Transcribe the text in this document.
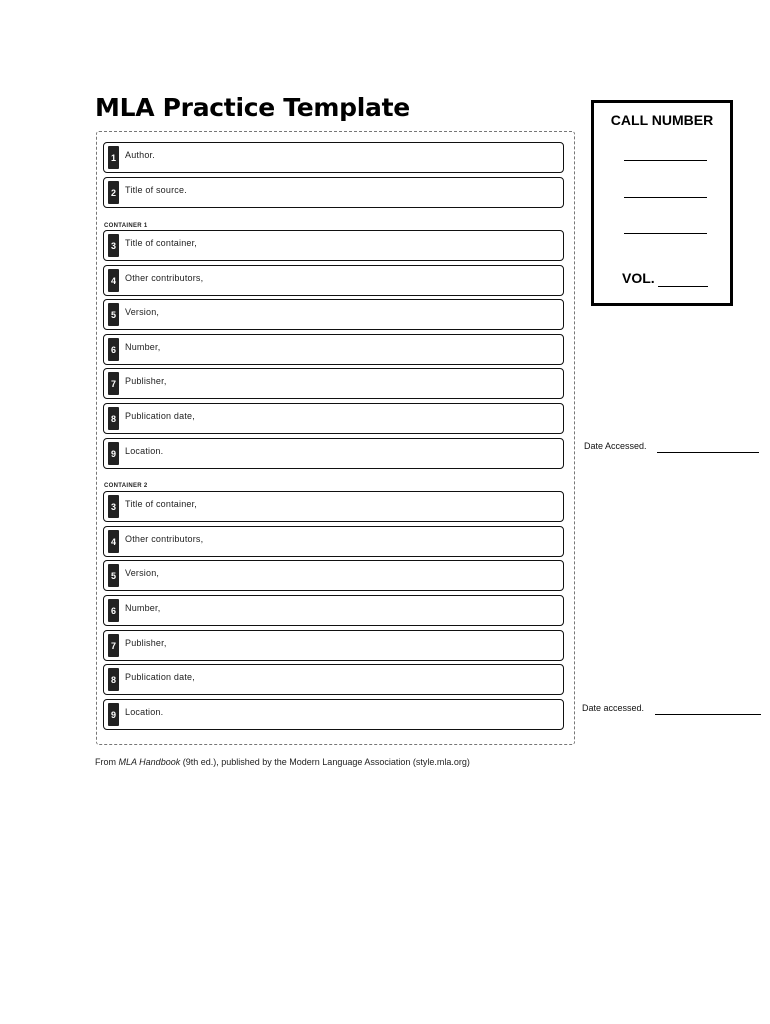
MLA Practice Template
1	Author.
2	Title of source.
CONTAINER 1
3	Title of container,
4	Other contributors,
5	Version,
6	Number,
7	Publisher,
8	Publication date,
9	Location.
CONTAINER 2
3	Title of container,
4	Other contributors,
5	Version,
6	Number,
7	Publisher,
8	Publication date,
9	Location.
CALL NUMBER
VOL.
Date Accessed.
Date accessed.
From MLA Handbook (9th ed.), published by the Modern Language Association (style.mla.org)
